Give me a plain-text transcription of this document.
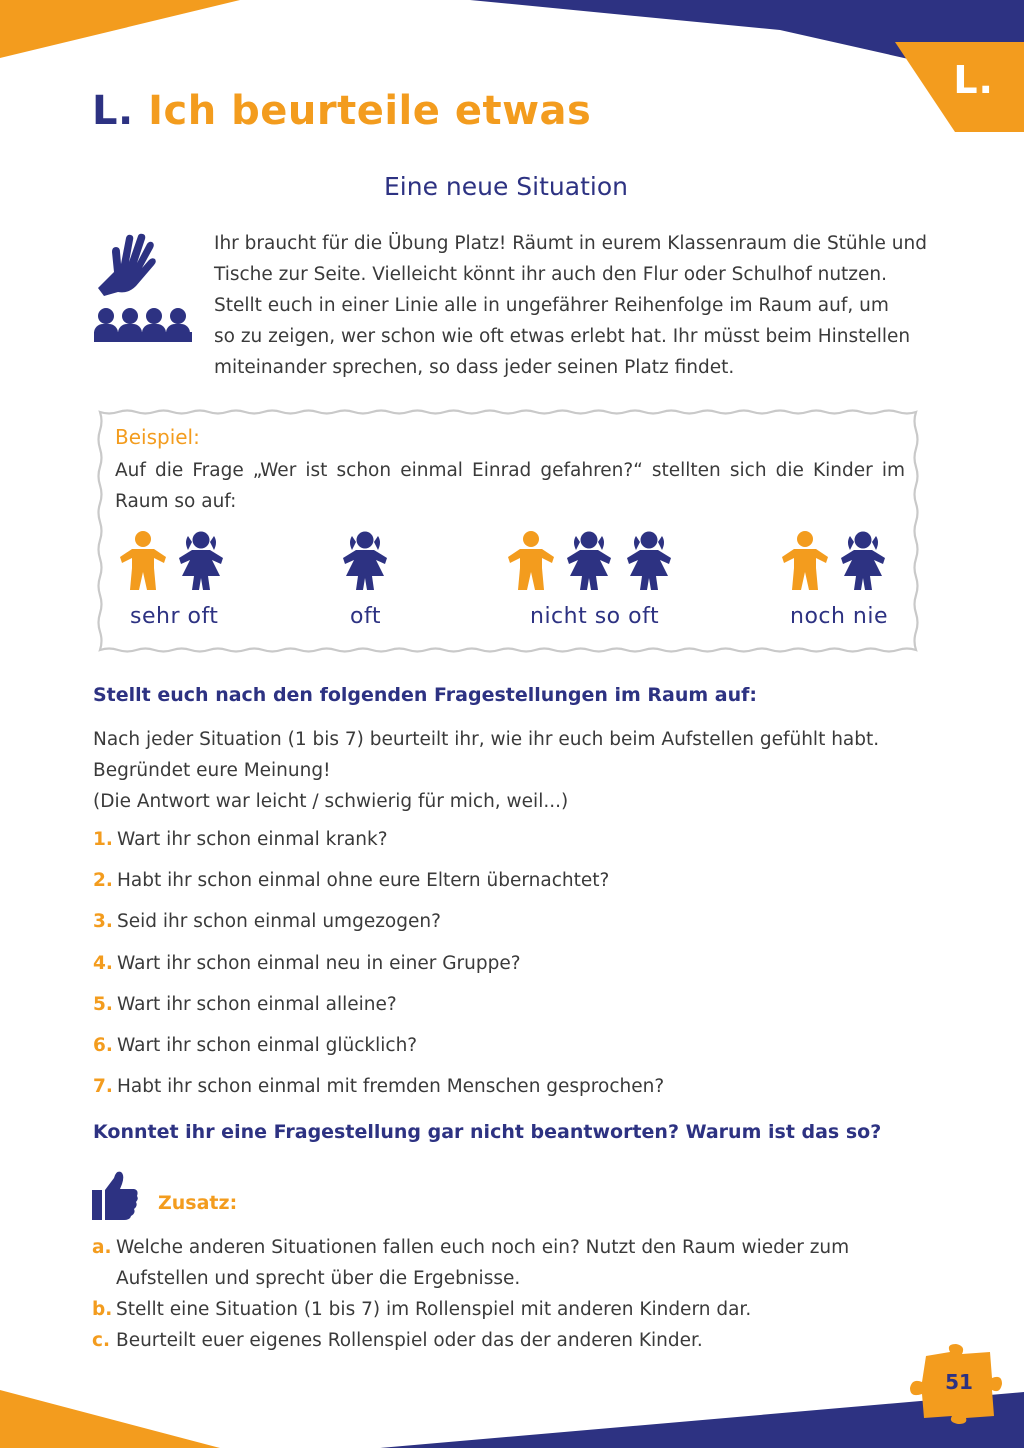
L.
L. Ich beurteile etwas
Eine neue Situation

Ihr braucht für die Übung Platz! Räumt in eurem Klassenraum die Stühle und

Tische zur Seite. Vielleicht könnt ihr auch den Flur oder Schulhof nutzen.

Stellt euch in einer Linie alle in ungefährer Reihenfolge im Raum auf, um

so zu zeigen, wer schon wie oft etwas erlebt hat. Ihr müsst beim Hinstellen

miteinander sprechen, so dass jeder seinen Platz findet.

Beispiel:
Auf die Frage „Wer ist schon einmal Einrad gefahren?“ stellten sich die Kinder im Raum so auf:
sehr oft	oft	nicht so oft	noch nie
Stellt euch nach den folgenden Fragestellungen im Raum auf:

Nach jeder Situation (1 bis 7) beurteilt ihr, wie ihr euch beim Aufstellen gefühlt habt.

Begründet eure Meinung!

(Die Antwort war leicht / schwierig für mich, weil...)

1. Wart ihr schon einmal krank?
2. Habt ihr schon einmal ohne eure Eltern übernachtet?
3. Seid ihr schon einmal umgezogen?
4. Wart ihr schon einmal neu in einer Gruppe?
5. Wart ihr schon einmal alleine?
6. Wart ihr schon einmal glücklich?
7. Habt ihr schon einmal mit fremden Menschen gesprochen?
Konntet ihr eine Fragestellung gar nicht beantworten? Warum ist das so?
Zusatz:
a. Welche anderen Situationen fallen euch noch ein? Nutzt den Raum wieder zum Aufstellen und sprecht über die Ergebnisse.
b. Stellt eine Situation (1 bis 7) im Rollenspiel mit anderen Kindern dar.
c. Beurteilt euer eigenes Rollenspiel oder das der anderen Kinder.
51
